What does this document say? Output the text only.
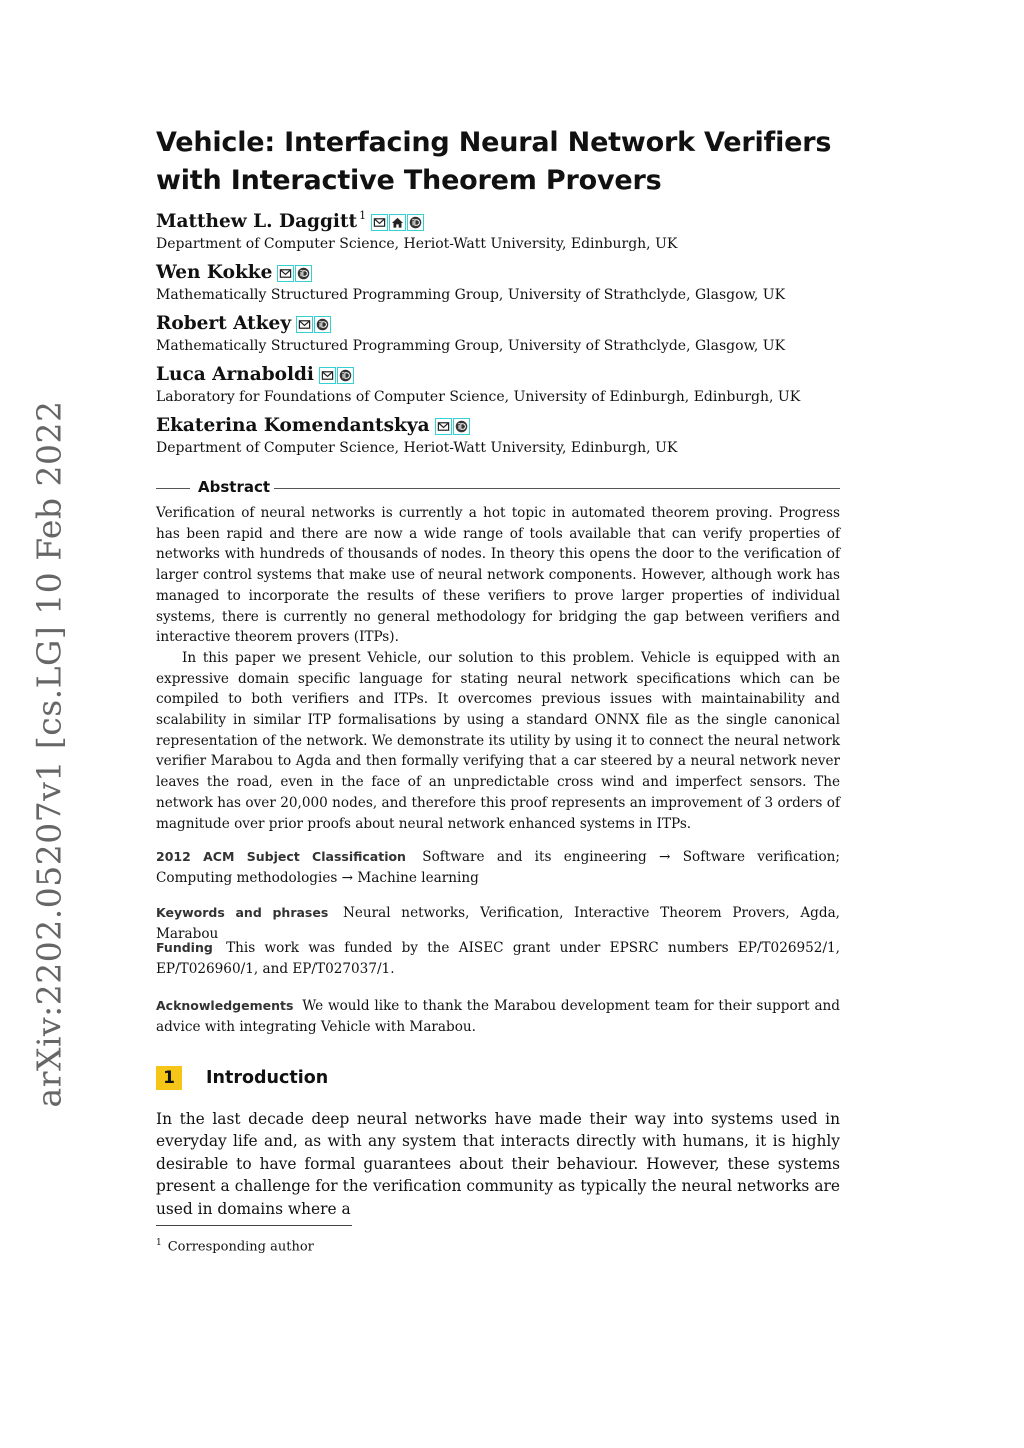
arXiv:2202.05207v1 [cs.LG] 10 Feb 2022
Vehicle: Interfacing Neural Network Verifiers with Interactive Theorem Provers
Matthew L. Daggitt$^1$
Department of Computer Science, Heriot-Watt University, Edinburgh, UK
Wen Kokke
Mathematically Structured Programming Group, University of Strathclyde, Glasgow, UK
Robert Atkey
Mathematically Structured Programming Group, University of Strathclyde, Glasgow, UK
Luca Arnaboldi
Laboratory for Foundations of Computer Science, University of Edinburgh, Edinburgh, UK
Ekaterina Komendantskya
Department of Computer Science, Heriot-Watt University, Edinburgh, UK
Abstract

Verification of neural networks is currently a hot topic in automated theorem proving. Progress has been rapid and there are now a wide range of tools available that can verify properties of networks with hundreds of thousands of nodes. In theory this opens the door to the verification of larger control systems that make use of neural network components. However, although work has managed to incorporate the results of these verifiers to prove larger properties of individual systems, there is currently no general methodology for bridging the gap between verifiers and interactive theorem provers (ITPs).

In this paper we present Vehicle, our solution to this problem. Vehicle is equipped with an expressive domain specific language for stating neural network specifications which can be compiled to both verifiers and ITPs. It overcomes previous issues with maintainability and scalability in similar ITP formalisations by using a standard ONNX file as the single canonical representation of the network. We demonstrate its utility by using it to connect the neural network verifier Marabou to Agda and then formally verifying that a car steered by a neural network never leaves the road, even in the face of an unpredictable cross wind and imperfect sensors. The network has over 20,000 nodes, and therefore this proof represents an improvement of 3 orders of magnitude over prior proofs about neural network enhanced systems in ITPs.

2012 ACM Subject Classification Software and its engineering → Software verification; Computing methodologies → Machine learning

Keywords and phrases Neural networks, Verification, Interactive Theorem Provers, Agda, Marabou

Funding This work was funded by the AISEC grant under EPSRC numbers EP/T026952/1, EP/T026960/1, and EP/T027037/1.

Acknowledgements We would like to thank the Marabou development team for their support and advice with integrating Vehicle with Marabou.

1	Introduction

In the last decade deep neural networks have made their way into systems used in everyday life and, as with any system that interacts directly with humans, it is highly desirable to have formal guarantees about their behaviour. However, these systems present a challenge for the verification community as typically the neural networks are used in domains where a

$^1$ Corresponding author
